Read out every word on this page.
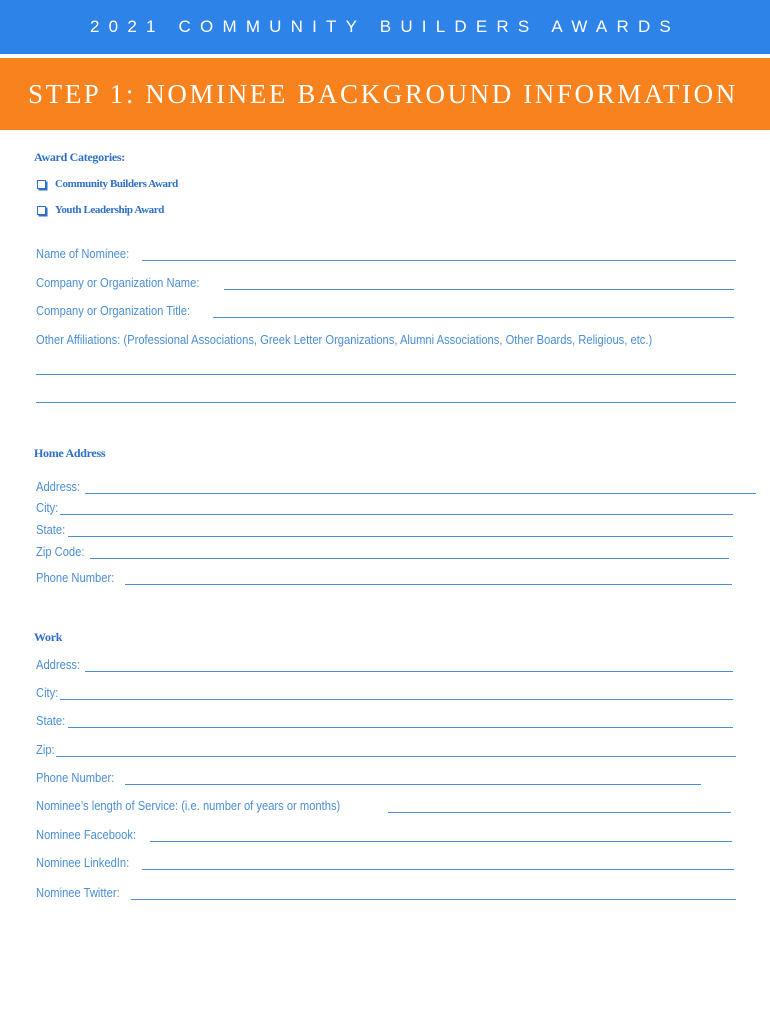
2021 COMMUNITY BUILDERS AWARDS
STEP 1: NOMINEE BACKGROUND INFORMATION
Award Categories:
Community Builders Award
Youth Leadership Award
Name of Nominee:
Company or Organization Name:
Company or Organization Title:
Other Affiliations: (Professional Associations, Greek Letter Organizations, Alumni Associations, Other Boards, Religious, etc.)
Home Address
Address:
City:
State:
Zip Code:
Phone Number:
Work
Address:
City:
State:
Zip:
Phone Number:
Nominee’s length of Service: (i.e. number of years or months)
Nominee Facebook:
Nominee LinkedIn:
Nominee Twitter:
